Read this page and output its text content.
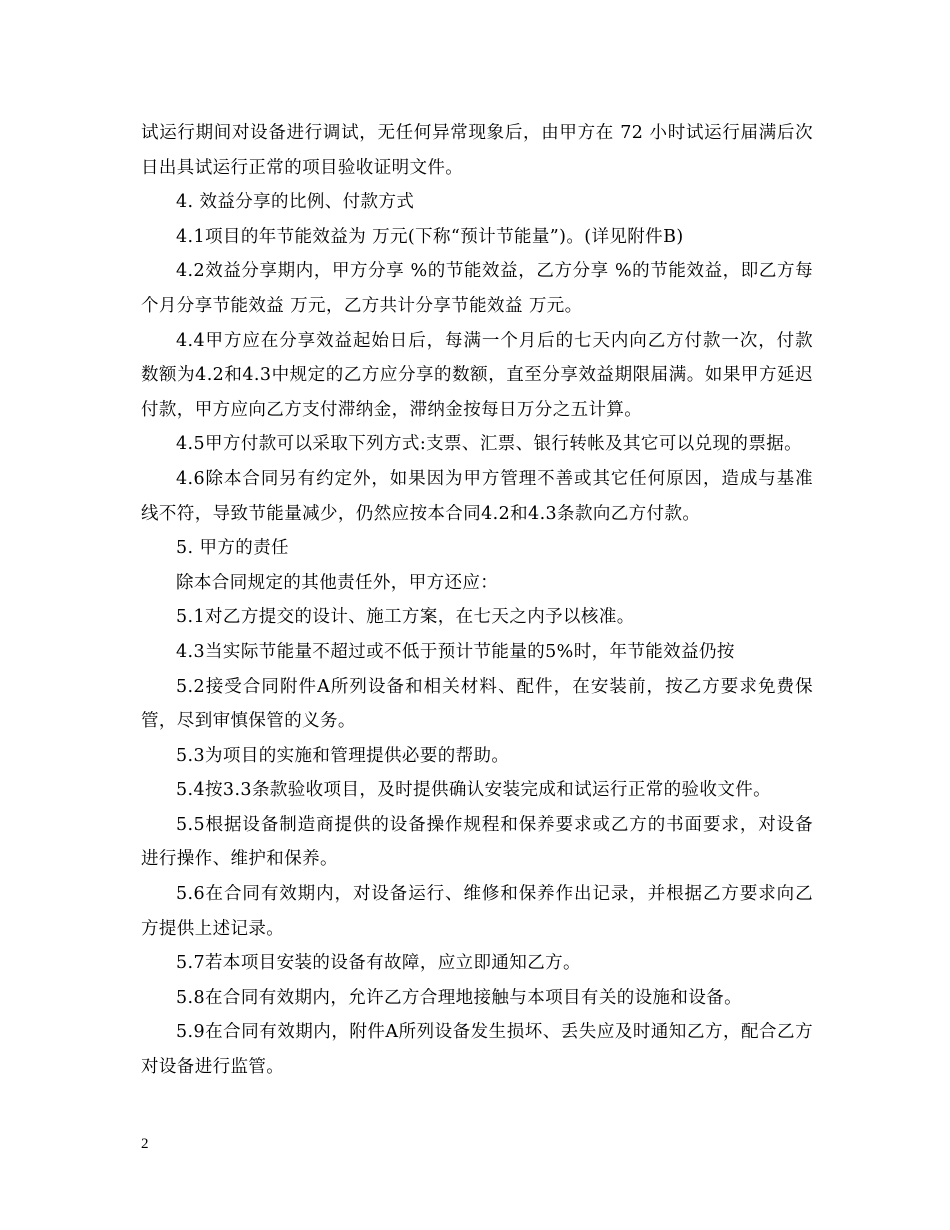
试运行期间对设备进行调试，无任何异常现象后，由甲方在 72 小时试运行届满后次日出具试运行正常的项目验收证明文件。

4. 效益分享的比例、付款方式

4.1项目的年节能效益为 万元(下称“预计节能量”)。(详见附件B)

4.2效益分享期内，甲方分享 %的节能效益，乙方分享 %的节能效益，即乙方每个月分享节能效益 万元，乙方共计分享节能效益 万元。

4.4甲方应在分享效益起始日后，每满一个月后的七天内向乙方付款一次，付款数额为4.2和4.3中规定的乙方应分享的数额，直至分享效益期限届满。如果甲方延迟付款，甲方应向乙方支付滞纳金，滞纳金按每日万分之五计算。

4.5甲方付款可以采取下列方式:支票、汇票、银行转帐及其它可以兑现的票据。

4.6除本合同另有约定外，如果因为甲方管理不善或其它任何原因，造成与基准线不符，导致节能量减少，仍然应按本合同4.2和4.3条款向乙方付款。

5. 甲方的责任

除本合同规定的其他责任外，甲方还应：

5.1对乙方提交的设计、施工方案，在七天之内予以核准。

4.3当实际节能量不超过或不低于预计节能量的5%时，年节能效益仍按

5.2接受合同附件A所列设备和相关材料、配件，在安装前，按乙方要求免费保管，尽到审慎保管的义务。

5.3为项目的实施和管理提供必要的帮助。

5.4按3.3条款验收项目，及时提供确认安装完成和试运行正常的验收文件。

5.5根据设备制造商提供的设备操作规程和保养要求或乙方的书面要求，对设备进行操作、维护和保养。

5.6在合同有效期内，对设备运行、维修和保养作出记录，并根据乙方要求向乙方提供上述记录。

5.7若本项目安装的设备有故障，应立即通知乙方。

5.8在合同有效期内，允许乙方合理地接触与本项目有关的设施和设备。

5.9在合同有效期内，附件A所列设备发生损坏、丢失应及时通知乙方，配合乙方对设备进行监管。

2
